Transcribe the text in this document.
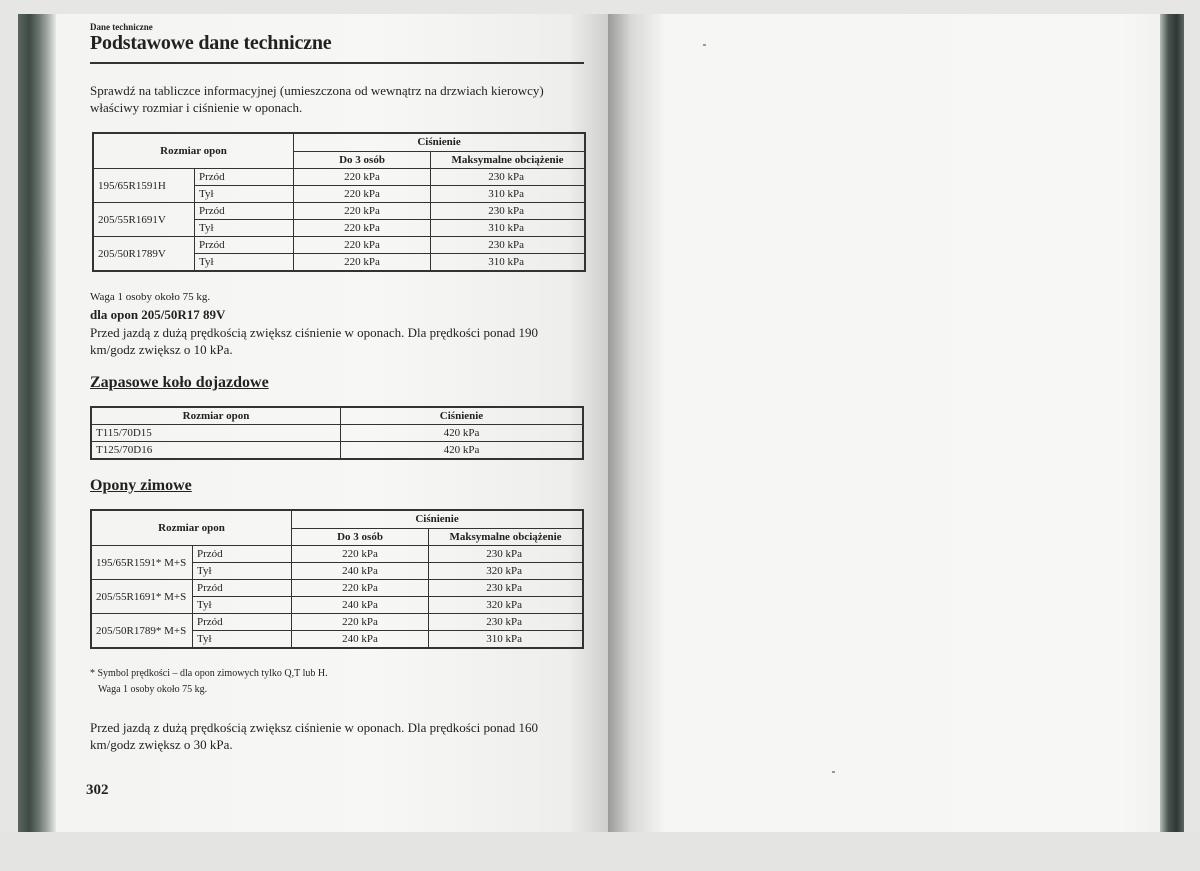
Dane techniczne
Podstawowe dane techniczne
Sprawdź na tabliczce informacyjnej (umieszczona od wewnątrz na drzwiach kierowcy) właściwy rozmiar i ciśnienie w oponach.
Rozmiar opon		Ciśnienie	
		Do 3 osób	Maksymalne obciążenie
195/65R1591H	Przód	220 kPa	230 kPa
	Tył	220 kPa	310 kPa
205/55R1691V	Przód	220 kPa	230 kPa
	Tył	220 kPa	310 kPa
205/50R1789V	Przód	220 kPa	230 kPa
	Tył	220 kPa	310 kPa
Waga 1 osoby około 75 kg.
dla opon 205/50R17 89V
Przed jazdą z dużą prędkością zwiększ ciśnienie w oponach. Dla prędkości ponad 190 km/godz zwiększ o 10 kPa.
Zapasowe koło dojazdowe
Rozmiar opon	Ciśnienie
T115/70D15	420 kPa
T125/70D16	420 kPa
Opony zimowe
Rozmiar opon		Ciśnienie	
		Do 3 osób	Maksymalne obciążenie
195/65R1591* M+S	Przód	220 kPa	230 kPa
	Tył	240 kPa	320 kPa
205/55R1691* M+S	Przód	220 kPa	230 kPa
	Tył	240 kPa	320 kPa
205/50R1789* M+S	Przód	220 kPa	230 kPa
	Tył	240 kPa	310 kPa
* Symbol prędkości – dla opon zimowych tylko Q,T lub H.
Waga 1 osoby około 75 kg.
Przed jazdą z dużą prędkością zwiększ ciśnienie w oponach. Dla prędkości ponad 160 km/godz zwiększ o 30 kPa.
302
